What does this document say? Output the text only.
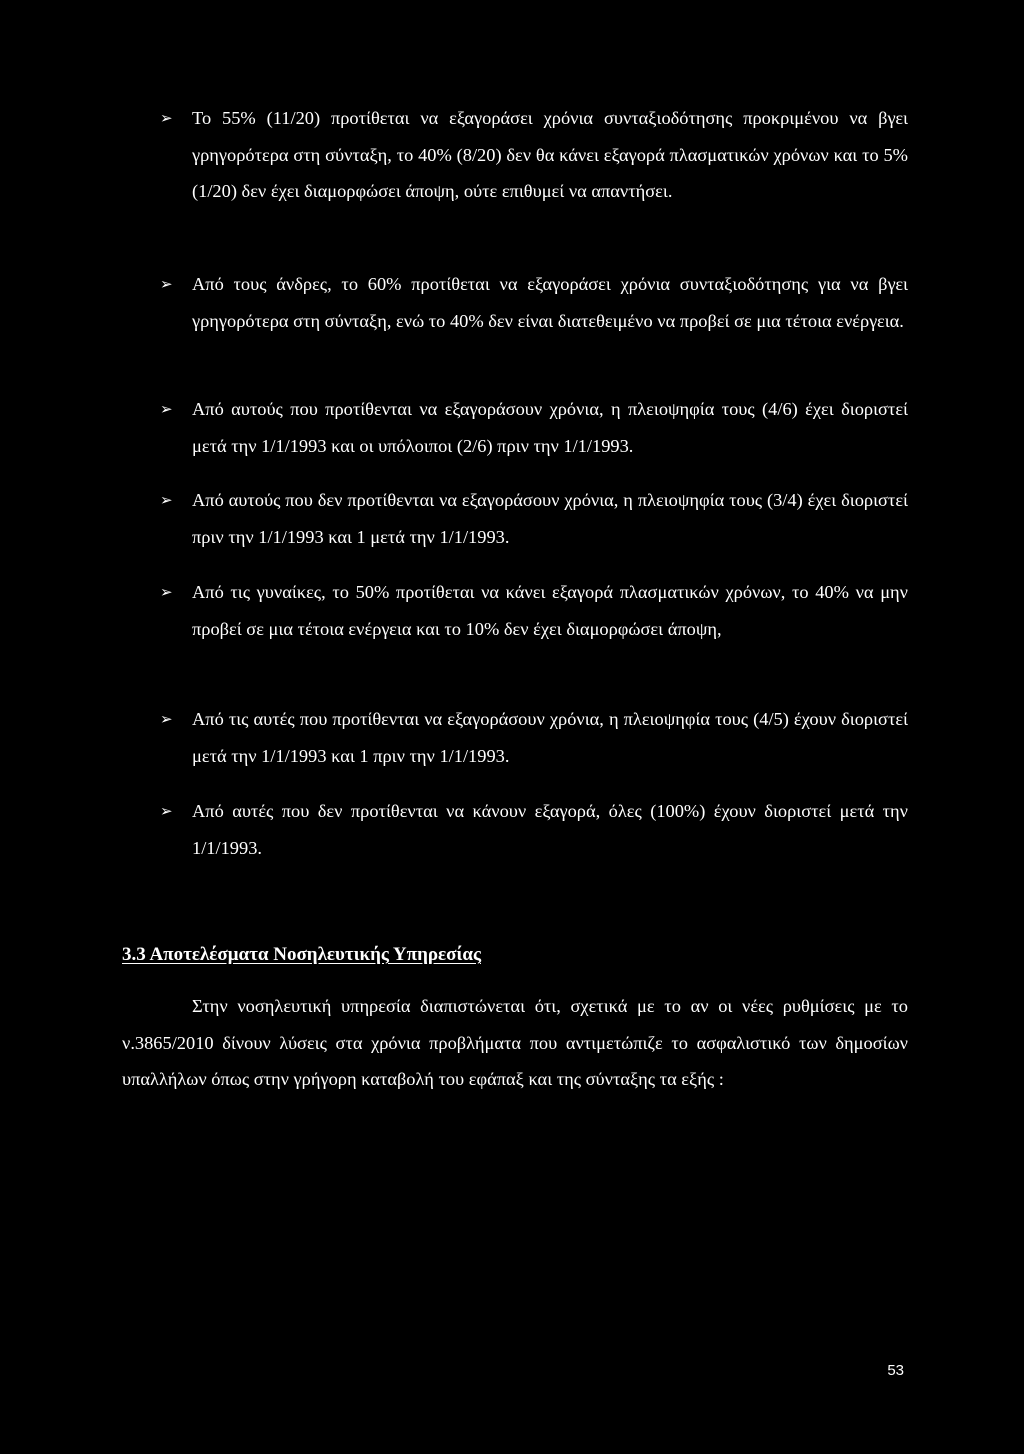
➢	Το 55% (11/20) προτίθεται να εξαγοράσει χρόνια συνταξιοδότησης προκριμένου να βγει γρηγορότερα στη σύνταξη, το 40% (8/20) δεν θα κάνει εξαγορά πλασματικών χρόνων και το 5% (1/20) δεν έχει διαμορφώσει άποψη, ούτε επιθυμεί να απαντήσει.
➢	Από τους άνδρες, το 60% προτίθεται να εξαγοράσει χρόνια συνταξιοδότησης για να βγει γρηγορότερα στη σύνταξη, ενώ το 40% δεν είναι διατεθειμένο να προβεί σε μια τέτοια ενέργεια.
➢	Από αυτούς που προτίθενται να εξαγοράσουν χρόνια, η πλειοψηφία τους (4/6) έχει διοριστεί μετά την 1/1/1993 και οι υπόλοιποι (2/6) πριν την 1/1/1993.
➢	Από αυτούς που δεν προτίθενται να εξαγοράσουν χρόνια, η πλειοψηφία τους (3/4) έχει διοριστεί πριν την 1/1/1993 και 1 μετά την 1/1/1993.
➢	Από τις γυναίκες, το 50% προτίθεται να κάνει εξαγορά πλασματικών χρόνων, το 40% να μην προβεί σε μια τέτοια ενέργεια και το 10% δεν έχει διαμορφώσει άποψη,
➢	Από τις αυτές που προτίθενται να εξαγοράσουν χρόνια, η πλειοψηφία τους (4/5) έχουν διοριστεί μετά την 1/1/1993 και 1 πριν την 1/1/1993.
➢	Από αυτές που δεν προτίθενται να κάνουν εξαγορά, όλες (100%) έχουν διοριστεί μετά την 1/1/1993.
3.3 Αποτελέσματα Νοσηλευτικής Υπηρεσίας

Στην νοσηλευτική υπηρεσία διαπιστώνεται ότι, σχετικά με το αν οι νέες ρυθμίσεις με το ν.3865/2010 δίνουν λύσεις στα χρόνια προβλήματα που αντιμετώπιζε το ασφαλιστικό των δημοσίων υπαλλήλων όπως στην γρήγορη καταβολή του εφάπαξ και της σύνταξης τα εξής :

53
